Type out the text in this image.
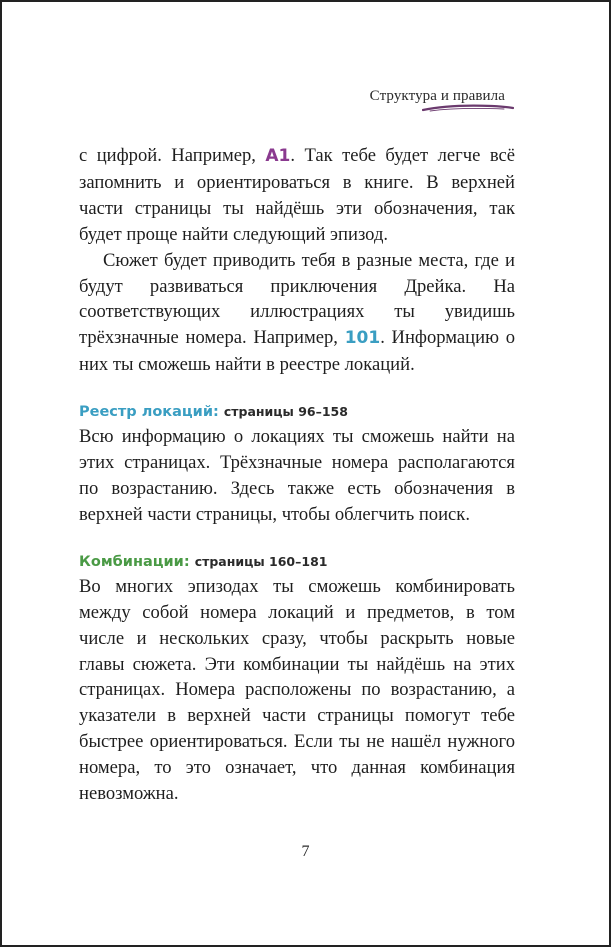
Структура и правила

с цифрой. Например, A1. Так тебе будет легче всё запомнить и ориентироваться в книге. В верхней части страницы ты найдёшь эти обозначения, так будет проще найти следующий эпизод.

Сюжет будет приводить тебя в разные места, где и будут развиваться приключения Дрейка. На соответствующих иллюстрациях ты увидишь трёхзначные номера. Например, 101. Информацию о них ты сможешь найти в реестре локаций.

Реестр локаций: страницы 96–158

Всю информацию о локациях ты сможешь найти на этих страницах. Трёхзначные номера располагаются по возрастанию. Здесь также есть обозначения в верхней части страницы, чтобы облегчить поиск.

Комбинации: страницы 160–181

Во многих эпизодах ты сможешь комбинировать между собой номера локаций и предметов, в том числе и нескольких сразу, чтобы раскрыть новые главы сюжета. Эти комбинации ты найдёшь на этих страницах. Номера расположены по возрастанию, а указатели в верхней части страницы помогут тебе быстрее ориентироваться. Если ты не нашёл нужного номера, то это означает, что данная комбинация невозможна.

7
